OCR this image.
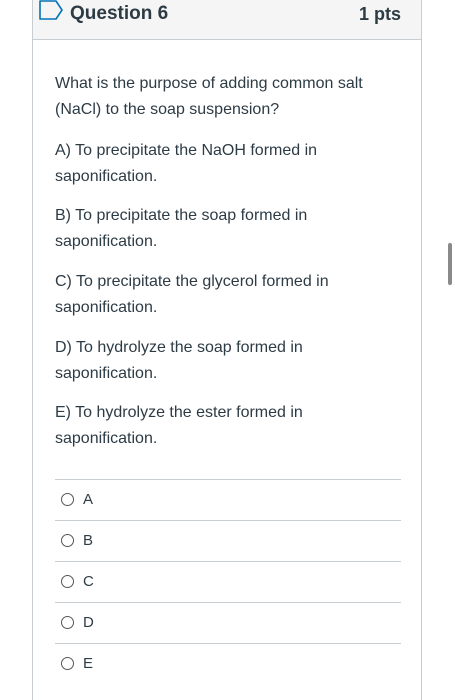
Question 6	1 pts
What is the purpose of adding common salt (NaCl) to the soap suspension?
A) To precipitate the NaOH formed in saponification.
B) To precipitate the soap formed in saponification.
C) To precipitate the glycerol formed in saponification.
D) To hydrolyze the soap formed in saponification.
E) To hydrolyze the ester formed in saponification.
A
B
C
D
E
